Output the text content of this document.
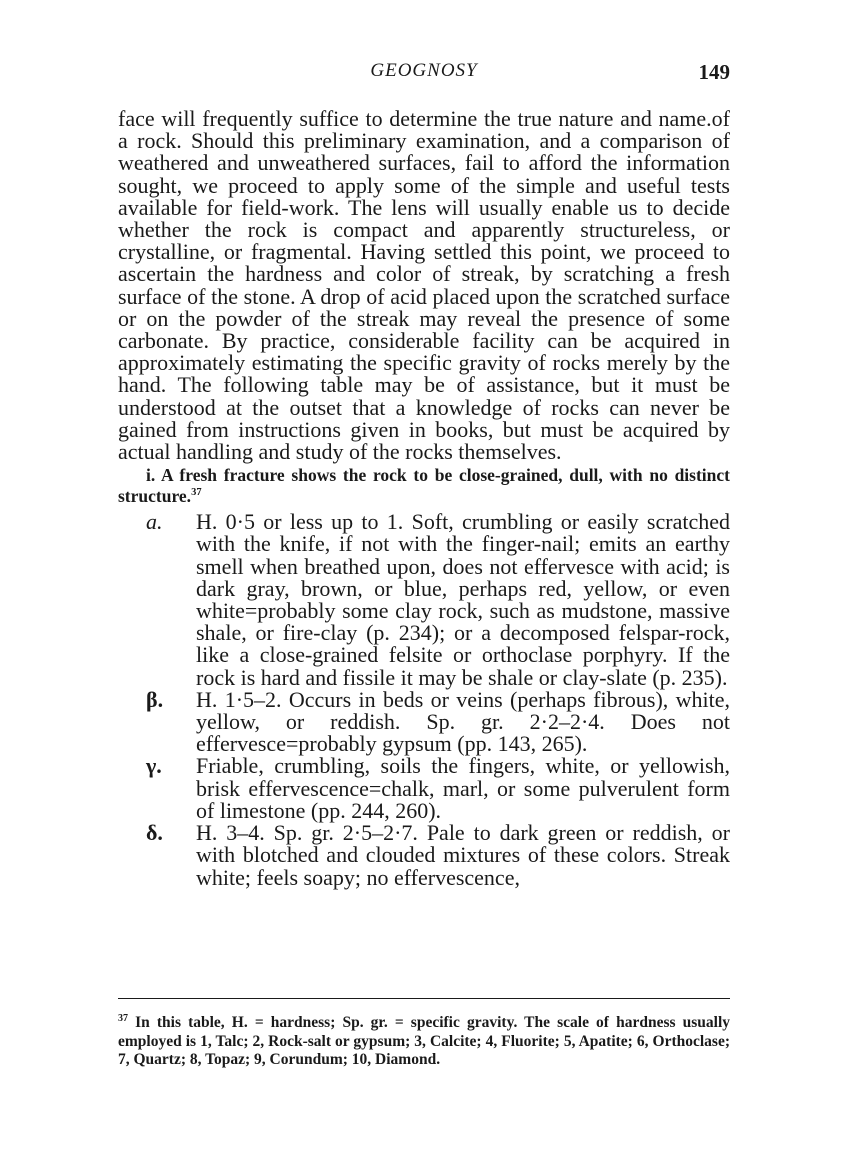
GEOGNOSY	149

face will frequently suffice to determine the true nature and name.of a rock. Should this preliminary examination, and a comparison of weathered and unweathered surfaces, fail to afford the information sought, we proceed to apply some of the simple and useful tests available for field-work. The lens will usually enable us to decide whether the rock is compact and apparently structureless, or crystalline, or fragmental. Having settled this point, we proceed to ascertain the hardness and color of streak, by scratching a fresh surface of the stone. A drop of acid placed upon the scratched surface or on the powder of the streak may reveal the presence of some carbonate. By practice, considerable facility can be acquired in approximately estimating the specific gravity of rocks merely by the hand. The following table may be of assistance, but it must be understood at the outset that a knowledge of rocks can never be gained from instructions given in books, but must be acquired by actual handling and study of the rocks themselves.

i. A fresh fracture shows the rock to be close-grained, dull, with no distinct structure.$^{37}$
a. H. 0·5 or less up to 1. Soft, crumbling or easily scratched with the knife, if not with the finger-nail; emits an earthy smell when breathed upon, does not effervesce with acid; is dark gray, brown, or blue, perhaps red, yellow, or even white=probably some clay rock, such as mudstone, massive shale, or fire-clay (p. 234); or a decomposed felspar-rock, like a close-grained felsite or orthoclase porphyry. If the rock is hard and fissile it may be shale or clay-slate (p. 235).
β. H. 1·5–2. Occurs in beds or veins (perhaps fibrous), white, yellow, or reddish. Sp. gr. 2·2–2·4. Does not effervesce=probably gypsum (pp. 143, 265).
γ. Friable, crumbling, soils the fingers, white, or yellowish, brisk effervescence=chalk, marl, or some pulverulent form of limestone (pp. 244, 260).
δ. H. 3–4. Sp. gr. 2·5–2·7. Pale to dark green or reddish, or with blotched and clouded mixtures of these colors. Streak white; feels soapy; no effervescence,
$^{37}$ In this table, H. = hardness; Sp. gr. = specific gravity. The scale of hardness usually employed is 1, Talc; 2, Rock-salt or gypsum; 3, Calcite; 4, Fluorite; 5, Apatite; 6, Orthoclase; 7, Quartz; 8, Topaz; 9, Corundum; 10, Diamond.
